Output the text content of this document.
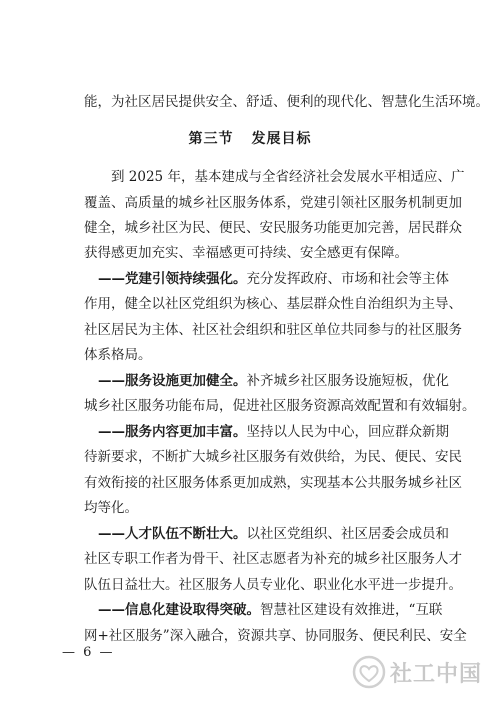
能，为社区居民提供安全、舒适、便利的现代化、智慧化生活环境。
第三节 发展目标
到 2025 年，基本建成与全省经济社会发展水平相适应、广
覆盖、高质量的城乡社区服务体系，党建引领社区服务机制更加
健全，城乡社区为民、便民、安民服务功能更加完善，居民群众
获得感更加充实、幸福感更可持续、安全感更有保障。
——党建引领持续强化。充分发挥政府、市场和社会等主体
作用，健全以社区党组织为核心、基层群众性自治组织为主导、
社区居民为主体、社区社会组织和驻区单位共同参与的社区服务
体系格局。
——服务设施更加健全。补齐城乡社区服务设施短板，优化
城乡社区服务功能布局，促进社区服务资源高效配置和有效辐射。
——服务内容更加丰富。坚持以人民为中心，回应群众新期
待新要求，不断扩大城乡社区服务有效供给，为民、便民、安民
有效衔接的社区服务体系更加成熟，实现基本公共服务城乡社区
均等化。
——人才队伍不断壮大。以社区党组织、社区居委会成员和
社区专职工作者为骨干、社区志愿者为补充的城乡社区服务人才
队伍日益壮大。社区服务人员专业化、职业化水平进一步提升。
——信息化建设取得突破。智慧社区建设有效推进，“互联
网+社区服务”深入融合，资源共享、协同服务、便民利民、安全
— 6 —
社工中国
